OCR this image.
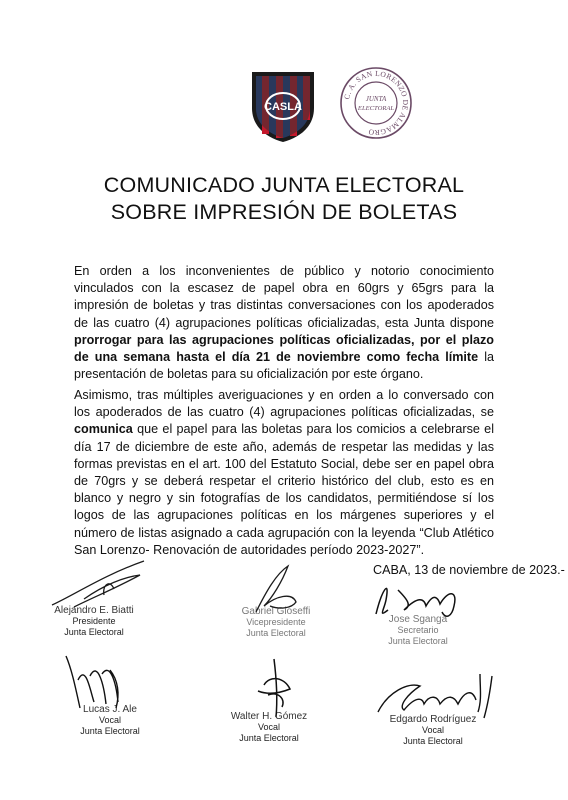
CASLA
C. A. SAN LORENZO DE ALMAGRO
JUNTA
ELECTORAL
COMUNICADO JUNTA ELECTORAL
SOBRE IMPRESIÓN DE BOLETAS
En orden a los inconvenientes de público y notorio conocimiento vinculados con la escasez de papel obra en 60grs y 65grs para la impresión de boletas y tras distintas conversaciones con los apoderados de las cuatro (4) agrupaciones políticas oficializadas, esta Junta dispone prorrogar para las agrupaciones políticas oficializadas, por el plazo de una semana hasta el día 21 de noviembre como fecha límite la presentación de boletas para su oficialización por este órgano.
Asimismo, tras múltiples averiguaciones y en orden a lo conversado con los apoderados de las cuatro (4) agrupaciones políticas oficializadas, se comunica que el papel para las boletas para los comicios a celebrarse el día 17 de diciembre de este año, además de respetar las medidas y las formas previstas en el art. 100 del Estatuto Social, debe ser en papel obra de 70grs y se deberá respetar el criterio histórico del club, esto es en blanco y negro y sin fotografías de los candidatos, permitiéndose sí los logos de las agrupaciones políticas en los márgenes superiores y el número de listas asignado a cada agrupación con la leyenda “Club Atlético San Lorenzo- Renovación de autoridades período 2023-2027”.
CABA, 13 de noviembre de 2023.-
Alejandro E. Biatti
Presidente
Junta Electoral
Gabriel Gioseffi
Vicepresidente
Junta Electoral
Jose Sganga
Secretario
Junta Electoral
Lucas J. Ale
Vocal
Junta Electoral
Walter H. Gómez
Vocal
Junta Electoral
Edgardo Rodríguez
Vocal
Junta Electoral
